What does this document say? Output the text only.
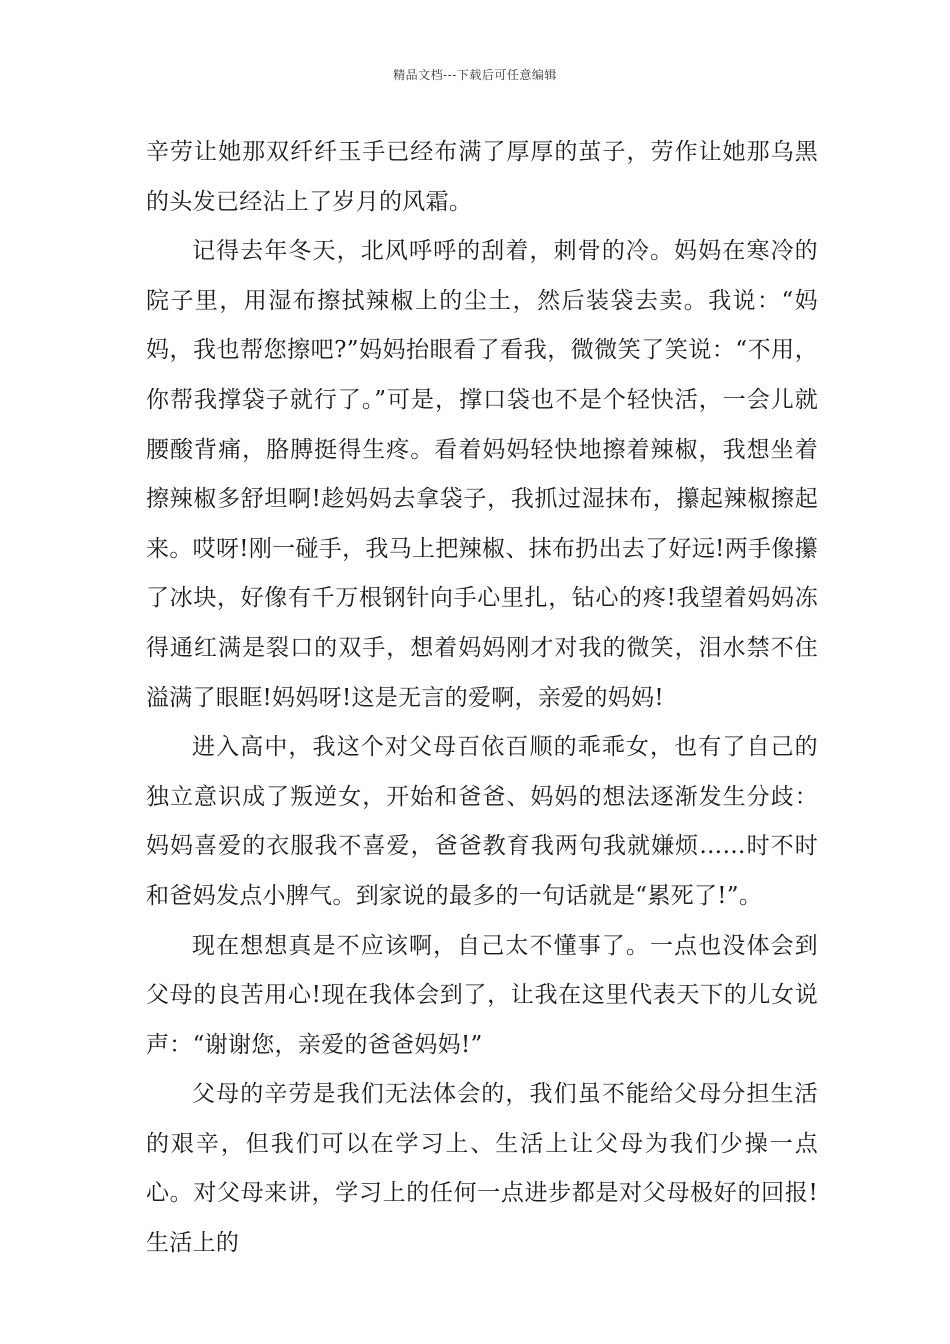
精品文档---下载后可任意编辑

辛劳让她那双纤纤玉手已经布满了厚厚的茧子，劳作让她那乌黑的头发已经沾上了岁月的风霜。

记得去年冬天，北风呼呼的刮着，刺骨的冷。妈妈在寒冷的院子里，用湿布擦拭辣椒上的尘土，然后装袋去卖。我说：“妈妈，我也帮您擦吧?”妈妈抬眼看了看我，微微笑了笑说：“不用，你帮我撑袋子就行了。”可是，撑口袋也不是个轻快活，一会儿就腰酸背痛，胳膊挺得生疼。看着妈妈轻快地擦着辣椒，我想坐着擦辣椒多舒坦啊!趁妈妈去拿袋子，我抓过湿抹布，攥起辣椒擦起来。哎呀!刚一碰手，我马上把辣椒、抹布扔出去了好远!两手像攥了冰块，好像有千万根钢针向手心里扎，钻心的疼!我望着妈妈冻得通红满是裂口的双手，想着妈妈刚才对我的微笑，泪水禁不住溢满了眼眶!妈妈呀!这是无言的爱啊，亲爱的妈妈!

进入高中，我这个对父母百依百顺的乖乖女，也有了自己的独立意识成了叛逆女，开始和爸爸、妈妈的想法逐渐发生分歧：妈妈喜爱的衣服我不喜爱，爸爸教育我两句我就嫌烦……时不时和爸妈发点小脾气。到家说的最多的一句话就是“累死了!”。

现在想想真是不应该啊，自己太不懂事了。一点也没体会到父母的良苦用心!现在我体会到了，让我在这里代表天下的儿女说声：“谢谢您，亲爱的爸爸妈妈!”

父母的辛劳是我们无法体会的，我们虽不能给父母分担生活的艰辛，但我们可以在学习上、生活上让父母为我们少操一点心。对父母来讲，学习上的任何一点进步都是对父母极好的回报!生活上的
